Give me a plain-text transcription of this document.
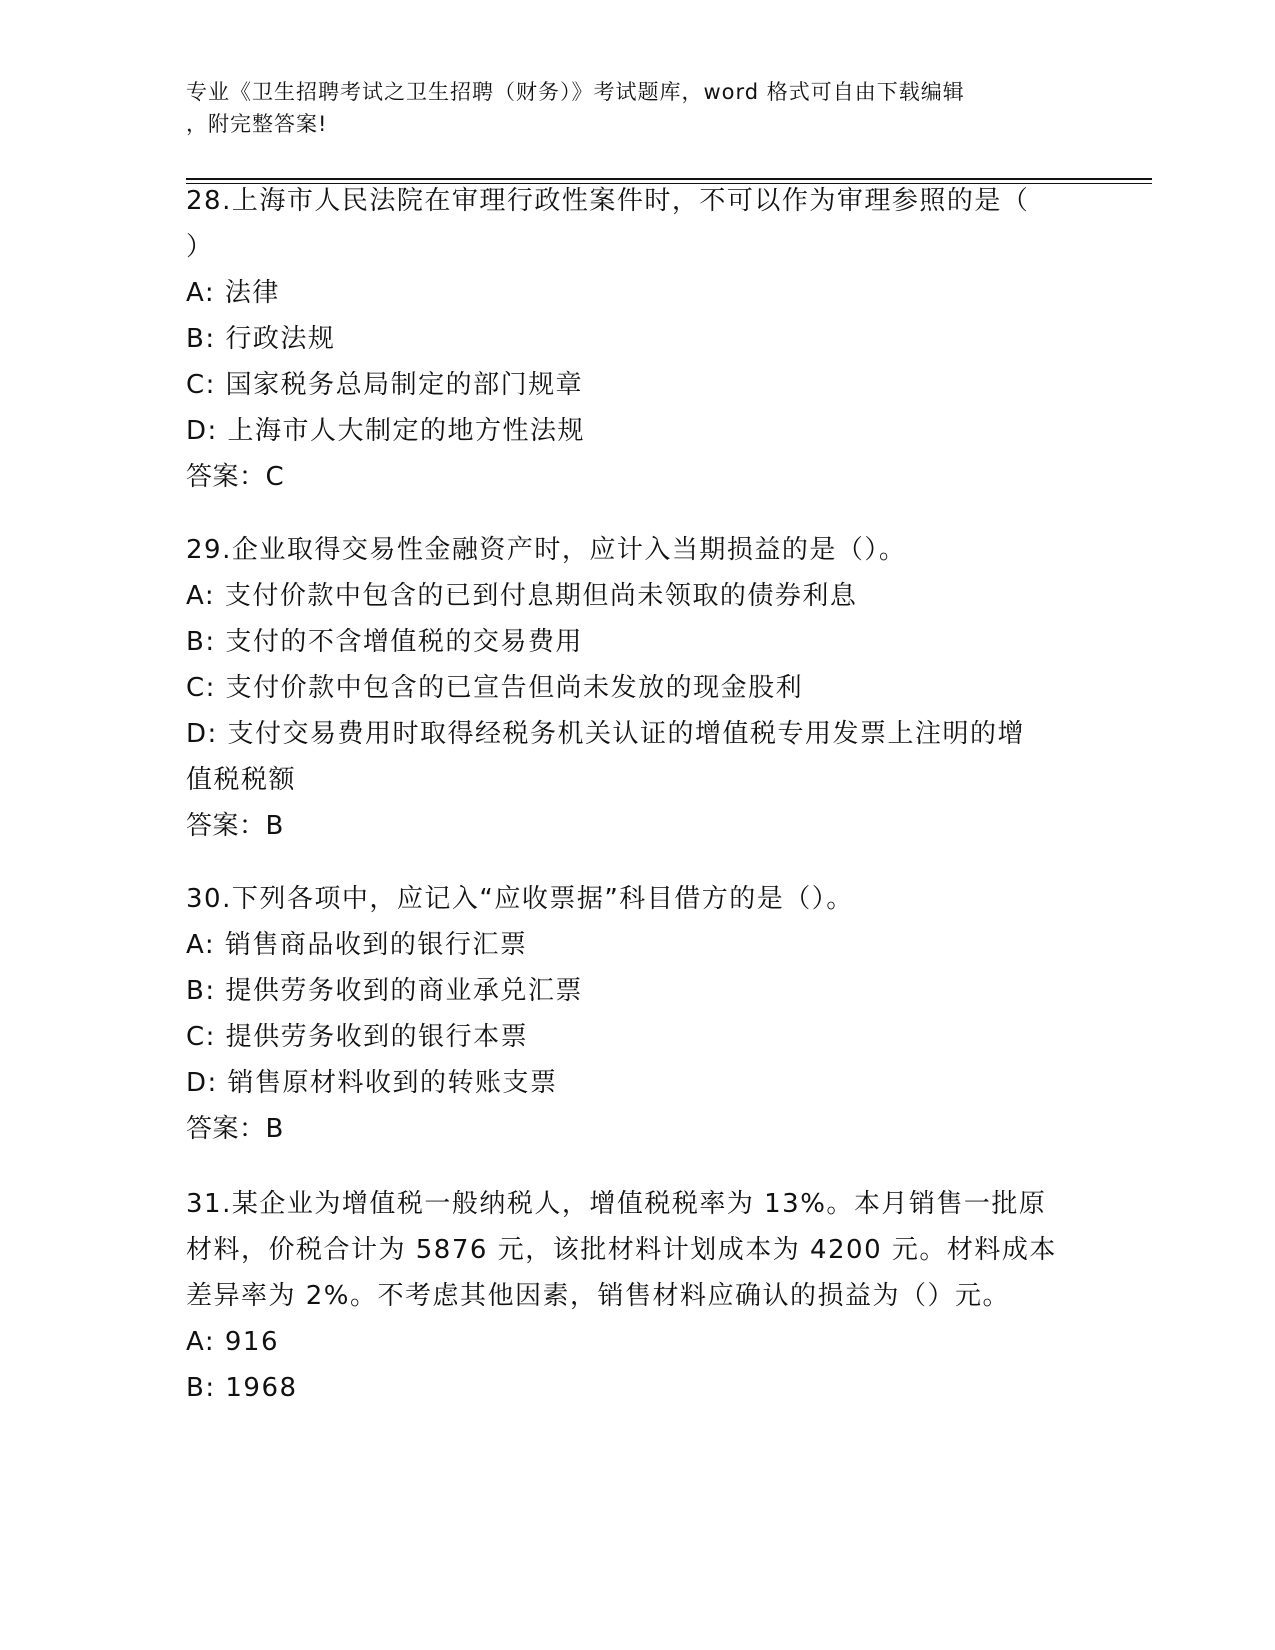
专业《卫生招聘考试之卫生招聘（财务）》考试题库，word 格式可自由下载编辑
，附完整答案!
28.上海市人民法院在审理行政性案件时，不可以作为审理参照的是（
）
A: 法律
B: 行政法规
C: 国家税务总局制定的部门规章
D: 上海市人大制定的地方性法规
答案：C
29.企业取得交易性金融资产时，应计入当期损益的是（）。
A: 支付价款中包含的已到付息期但尚未领取的债券利息
B: 支付的不含增值税的交易费用
C: 支付价款中包含的已宣告但尚未发放的现金股利
D: 支付交易费用时取得经税务机关认证的增值税专用发票上注明的增
值税税额
答案：B
30.下列各项中，应记入“应收票据”科目借方的是（）。
A: 销售商品收到的银行汇票
B: 提供劳务收到的商业承兑汇票
C: 提供劳务收到的银行本票
D: 销售原材料收到的转账支票
答案：B
31.某企业为增值税一般纳税人，增值税税率为 13%。本月销售一批原
材料，价税合计为 5876 元，该批材料计划成本为 4200 元。材料成本
差异率为 2%。不考虑其他因素，销售材料应确认的损益为（）元。
A: 916
B: 1968
